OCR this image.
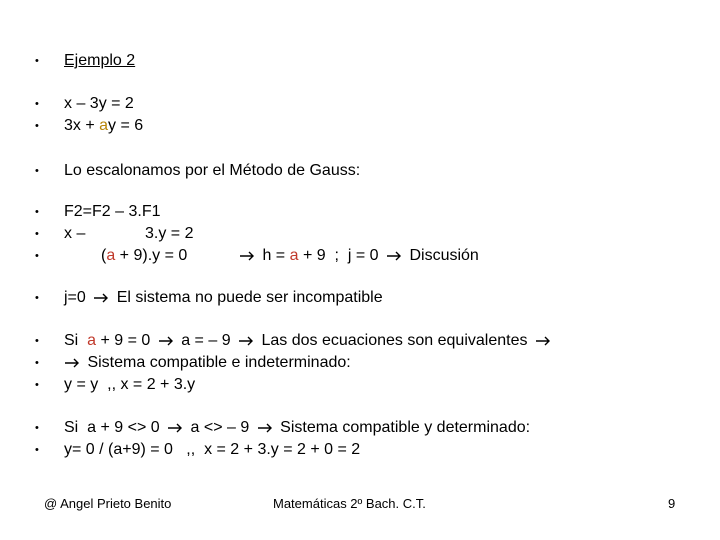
•

Ejemplo 2

•

x – 3y = 2

•

3x + ay = 6

•

Lo escalonamos por el Método de Gauss:

•

F2=F2 – 3.F1

•

x –

	3.y = 2

•

	(a + 9).y = 0

	h = a + 9  ;  j = 0 Discusión

•

j=0 El sistema no puede ser incompatible

•

Si  a + 9 = 0 a = – 9 Las dos ecuaciones son equivalentes

•

	Sistema compatible e indeterminado:

•

y = y  ,, x = 2 + 3.y

•

Si  a + 9 <> 0 a <> – 9 Sistema compatible y determinado:

•

y= 0 / (a+9) = 0   ,,  x = 2 + 3.y = 2 + 0 = 2

@ Angel Prieto Benito	Matemáticas 2º Bach. C.T.	9
